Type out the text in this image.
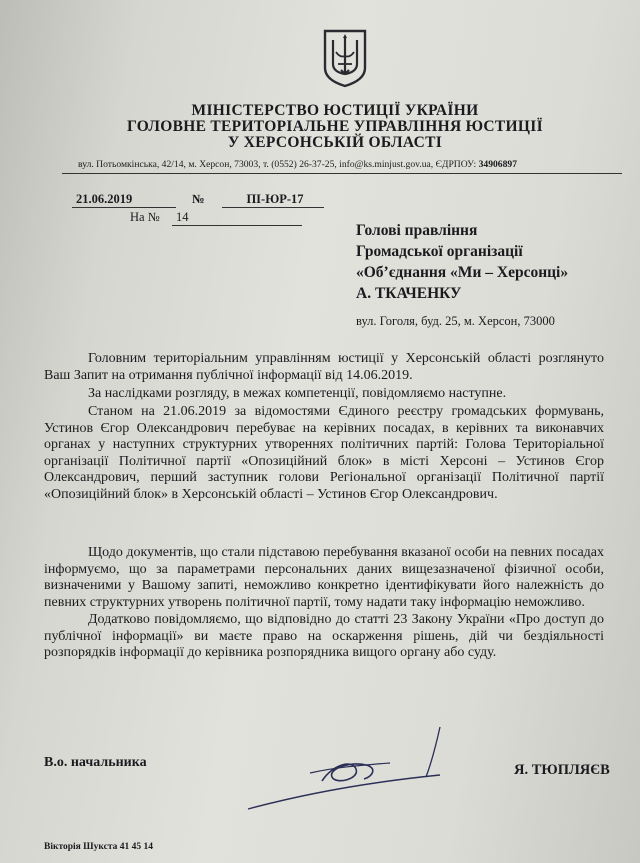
МІНІСТЕРСТВО ЮСТИЦІЇ УКРАЇНИ
ГОЛОВНЕ ТЕРИТОРІАЛЬНЕ УПРАВЛІННЯ ЮСТИЦІЇ
У ХЕРСОНСЬКІЙ ОБЛАСТІ
вул. Потьомкінська, 42/14, м. Херсон, 73003, т. (0552) 26-37-25, info@ks.minjust.gov.ua, ЄДРПОУ: 34906897
21.06.2019	№	ПІ-ЮР-17
На № 14
Голові правління
Громадської організації
«Об’єднання «Ми – Херсонці»
А. ТКАЧЕНКУ
вул. Гоголя, буд. 25, м. Херсон, 73000

Головним територіальним управлінням юстиції у Херсонській області розглянуто Ваш Запит на отримання публічної інформації від 14.06.2019.

За наслідками розгляду, в межах компетенції, повідомляємо наступне.

Станом на 21.06.2019 за відомостями Єдиного реєстру громадських формувань, Устинов Єгор Олександрович перебуває на керівних посадах, в керівних та виконавчих органах у наступних структурних утвореннях політичних партій: Голова Територіальної організації Політичної партії «Опозиційний блок» в місті Херсоні – Устинов Єгор Олександрович, перший заступник голови Регіональної організації Політичної партії «Опозиційний блок» в Херсонській області – Устинов Єгор Олександрович.

Щодо документів, що стали підставою перебування вказаної особи на певних посадах інформуємо, що за параметрами персональних даних вищезазначеної фізичної особи, визначеними у Вашому запиті, неможливо конкретно ідентифікувати його належність до певних структурних утворень політичної партії, тому надати таку інформацію неможливо.

Додатково повідомляємо, що відповідно до статті 23 Закону України «Про доступ до публічної інформації» ви маєте право на оскарження рішень, дій чи бездіяльності розпорядків інформації до керівника розпорядника вищого органу або суду.

В.о. начальника	Я. ТЮПЛЯЄВ
Вікторія Шукста 41 45 14
